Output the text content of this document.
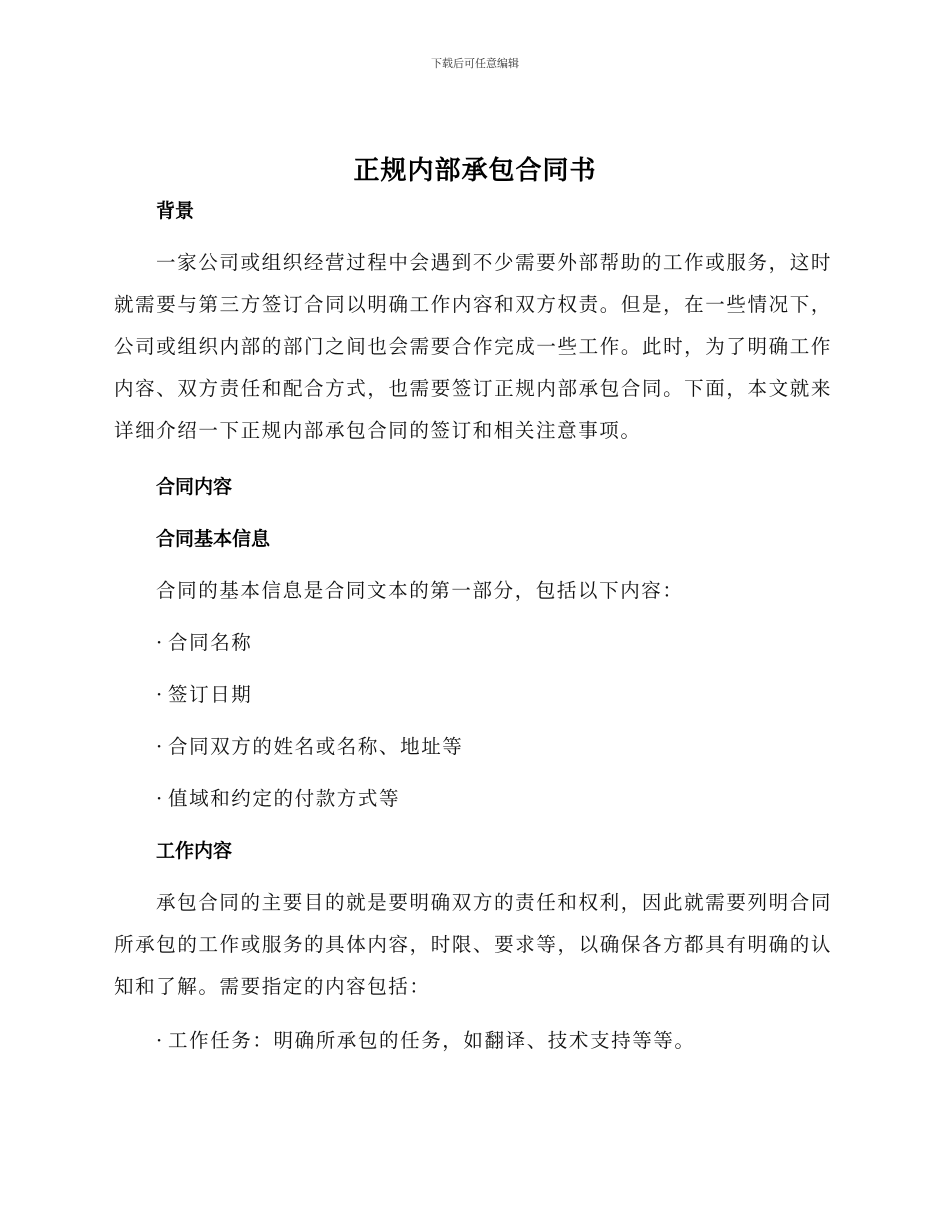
下载后可任意编辑
正规内部承包合同书

背景

一家公司或组织经营过程中会遇到不少需要外部帮助的工作或服务，这时就需要与第三方签订合同以明确工作内容和双方权责。但是，在一些情况下，公司或组织内部的部门之间也会需要合作完成一些工作。此时，为了明确工作内容、双方责任和配合方式，也需要签订正规内部承包合同。下面，本文就来详细介绍一下正规内部承包合同的签订和相关注意事项。

合同内容

合同基本信息

合同的基本信息是合同文本的第一部分，包括以下内容：

· 合同名称

· 签订日期

· 合同双方的姓名或名称、地址等

· 值域和约定的付款方式等

工作内容

承包合同的主要目的就是要明确双方的责任和权利，因此就需要列明合同所承包的工作或服务的具体内容，时限、要求等，以确保各方都具有明确的认知和了解。需要指定的内容包括：

· 工作任务：明确所承包的任务，如翻译、技术支持等等。
